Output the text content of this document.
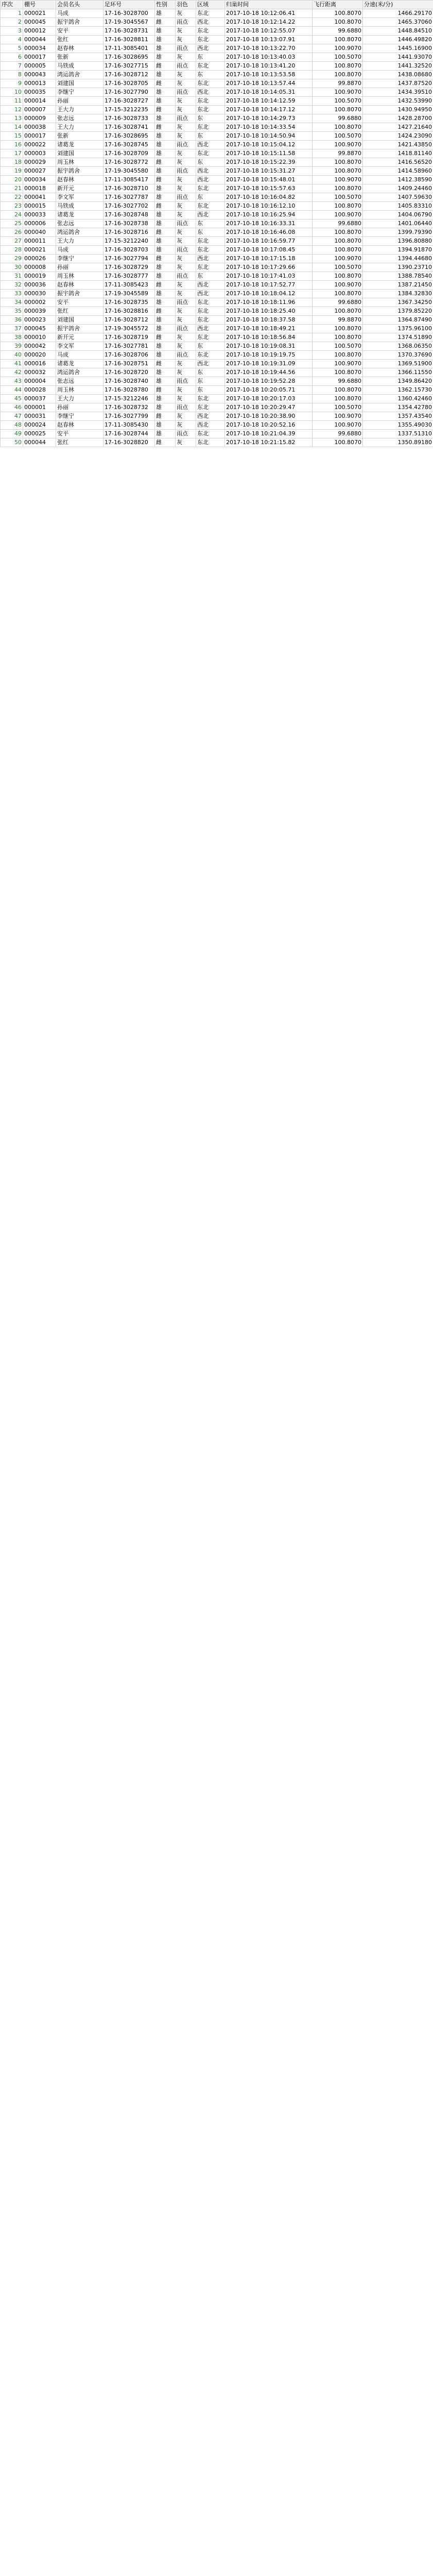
序次	棚号	会员名头	足环号	性别	羽色	区域	归巢时间	飞行距离	分速(米/分)
1	000021	马成	17-16-3028700	雄	灰	东北	2017-10-18 10:12:06.41	100.8070	1466.29170
2	000045	振宇鸽舍	17-19-3045567	雌	雨点	西北	2017-10-18 10:12:14.22	100.8070	1465.37060
3	000012	安平	17-16-3028731	雄	灰	东北	2017-10-18 10:12:55.07	99.6880	1448.84510
4	000044	张红	17-16-3028811	雄	灰	东北	2017-10-18 10:13:07.91	100.8070	1446.49820
5	000034	赵春林	17-11-3085401	雄	雨点	西北	2017-10-18 10:13:22.70	100.9070	1445.16900
6	000017	张新	17-16-3028695	雄	灰	东	2017-10-18 10:13:40.03	100.5070	1441.93070
7	000005	马铁成	17-16-3027715	雌	雨点	东北	2017-10-18 10:13:41.20	100.8070	1441.32520
8	000043	鸿运鸽舍	17-16-3028712	雄	灰	东	2017-10-18 10:13:53.58	100.8070	1438.08680
9	000013	刘建国	17-16-3028705	雌	灰	东北	2017-10-18 10:13:57.44	99.8870	1437.87520
10	000035	李继宁	17-16-3027790	雄	雨点	西北	2017-10-18 10:14:05.31	100.9070	1434.39510
11	000014	孙丽	17-16-3028727	雄	灰	东北	2017-10-18 10:14:12.59	100.5070	1432.53990
12	000007	王大力	17-15-3212235	雌	灰	东北	2017-10-18 10:14:17.12	100.8070	1430.94950
13	000009	张志远	17-16-3028733	雄	雨点	东	2017-10-18 10:14:29.73	99.6880	1428.28700
14	000038	王大力	17-16-3028741	雌	灰	东北	2017-10-18 10:14:33.54	100.8070	1427.21640
15	000017	张新	17-16-3028695	雄	灰	东	2017-10-18 10:14:50.94	100.5070	1424.23090
16	000022	诸葛龙	17-16-3028745	雄	雨点	西北	2017-10-18 10:15:04.12	100.9070	1421.43850
17	000003	刘建国	17-16-3028709	雄	灰	东北	2017-10-18 10:15:11.58	99.8870	1418.81140
18	000029	周玉林	17-16-3028772	雌	灰	东	2017-10-18 10:15:22.39	100.8070	1416.56520
19	000027	振宇鸽舍	17-19-3045580	雄	雨点	西北	2017-10-18 10:15:31.27	100.8070	1414.58960
20	000034	赵春林	17-11-3085417	雌	灰	西北	2017-10-18 10:15:48.01	100.9070	1412.38590
21	000018	新开元	17-16-3028710	雄	灰	东北	2017-10-18 10:15:57.63	100.8070	1409.24460
22	000041	李文军	17-16-3027787	雄	雨点	东	2017-10-18 10:16:04.82	100.5070	1407.59630
23	000015	马铁成	17-16-3027702	雌	灰	东北	2017-10-18 10:16:12.10	100.8070	1405.83310
24	000033	诸葛龙	17-16-3028748	雄	灰	西北	2017-10-18 10:16:25.94	100.9070	1404.06790
25	000006	张志远	17-16-3028738	雄	雨点	东	2017-10-18 10:16:33.31	99.6880	1401.06440
26	000040	鸿运鸽舍	17-16-3028716	雌	灰	东	2017-10-18 10:16:46.08	100.8070	1399.79390
27	000011	王大力	17-15-3212240	雄	灰	东北	2017-10-18 10:16:59.77	100.8070	1396.80880
28	000021	马成	17-16-3028703	雄	雨点	东北	2017-10-18 10:17:08.45	100.8070	1394.91870
29	000026	李继宁	17-16-3027794	雌	灰	西北	2017-10-18 10:17:15.18	100.9070	1394.44680
30	000008	孙丽	17-16-3028729	雄	灰	东北	2017-10-18 10:17:29.66	100.5070	1390.23710
31	000019	周玉林	17-16-3028777	雄	雨点	东	2017-10-18 10:17:41.03	100.8070	1388.78540
32	000036	赵春林	17-11-3085423	雌	灰	西北	2017-10-18 10:17:52.77	100.9070	1387.21450
33	000030	振宇鸽舍	17-19-3045589	雄	灰	西北	2017-10-18 10:18:04.12	100.8070	1384.32830
34	000002	安平	17-16-3028735	雄	雨点	东北	2017-10-18 10:18:11.96	99.6880	1367.34250
35	000039	张红	17-16-3028816	雌	灰	东北	2017-10-18 10:18:25.40	100.8070	1379.85220
36	000023	刘建国	17-16-3028712	雄	灰	东北	2017-10-18 10:18:37.58	99.8870	1364.87490
37	000045	振宇鸽舍	17-19-3045572	雄	雨点	西北	2017-10-18 10:18:49.21	100.8070	1375.96100
38	000010	新开元	17-16-3028719	雌	灰	东北	2017-10-18 10:18:56.84	100.8070	1374.51890
39	000042	李文军	17-16-3027781	雄	灰	东	2017-10-18 10:19:08.31	100.5070	1368.06350
40	000020	马成	17-16-3028706	雄	雨点	东北	2017-10-18 10:19:19.75	100.8070	1370.37690
41	000016	诸葛龙	17-16-3028751	雌	灰	西北	2017-10-18 10:19:31.09	100.9070	1369.51900
42	000032	鸿运鸽舍	17-16-3028720	雄	灰	东	2017-10-18 10:19:44.56	100.8070	1366.11550
43	000004	张志远	17-16-3028740	雄	雨点	东	2017-10-18 10:19:52.28	99.6880	1349.86420
44	000028	周玉林	17-16-3028780	雌	灰	东	2017-10-18 10:20:05.71	100.8070	1362.15730
45	000037	王大力	17-15-3212246	雄	灰	东北	2017-10-18 10:20:17.03	100.8070	1360.42460
46	000001	孙丽	17-16-3028732	雄	雨点	东北	2017-10-18 10:20:29.47	100.5070	1354.42780
47	000031	李继宁	17-16-3027799	雌	灰	西北	2017-10-18 10:20:38.90	100.9070	1357.43540
48	000024	赵春林	17-11-3085430	雄	灰	西北	2017-10-18 10:20:52.16	100.9070	1355.49030
49	000025	安平	17-16-3028744	雄	雨点	东北	2017-10-18 10:21:04.39	99.6880	1337.51310
50	000044	张红	17-16-3028820	雌	灰	东北	2017-10-18 10:21:15.82	100.8070	1350.89180
